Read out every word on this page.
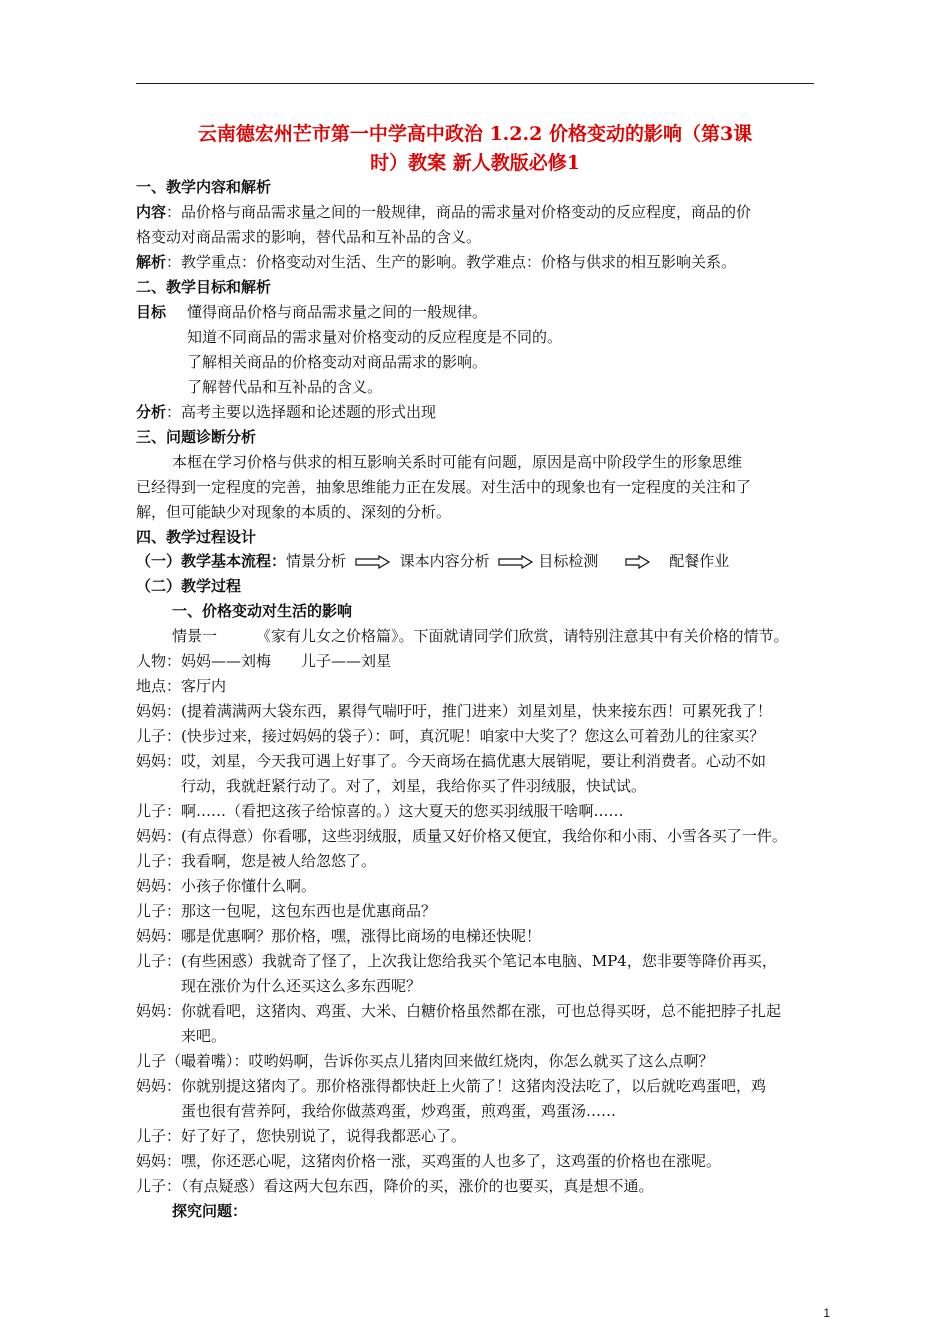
云南德宏州芒市第一中学高中政治 1.2.2 价格变动的影响（第3课
时）教案 新人教版必修1
一、教学内容和解析
内容：品价格与商品需求量之间的一般规律，商品的需求量对价格变动的反应程度，商品的价
格变动对商品需求的影响，替代品和互补品的含义。
解析：教学重点：价格变动对生活、生产的影响。教学难点：价格与供求的相互影响关系。
二、教学目标和解析
目标 懂得商品价格与商品需求量之间的一般规律。
知道不同商品的需求量对价格变动的反应程度是不同的。
了解相关商品的价格变动对商品需求的影响。
了解替代品和互补品的含义。
分析：高考主要以选择题和论述题的形式出现
三、问题诊断分析
本框在学习价格与供求的相互影响关系时可能有问题，原因是高中阶段学生的形象思维
已经得到一定程度的完善，抽象思维能力正在发展。对生活中的现象也有一定程度的关注和了
解，但可能缺少对现象的本质的、深刻的分析。
四、教学过程设计
（一）教学基本流程：情景分析	课本内容分析	目标检测	配餐作业
（二）教学过程
一、价格变动对生活的影响
情景一	《家有儿女之价格篇》。下面就请同学们欣赏，请特别注意其中有关价格的情节。
人物：妈妈——刘梅　　儿子——刘星
地点：客厅内
妈妈：(提着满满两大袋东西，累得气喘吁吁，推门进来）刘星刘星，快来接东西！可累死我了！
儿子：(快步过来，接过妈妈的袋子）：呵，真沉呢！咱家中大奖了？您这么可着劲儿的往家买？
妈妈：哎，刘星，今天我可遇上好事了。今天商场在搞优惠大展销呢，要让利消费者。心动不如
　　　行动，我就赶紧行动了。对了，刘星，我给你买了件羽绒服，快试试。
儿子：啊……（看把这孩子给惊喜的。）这大夏天的您买羽绒服干啥啊……
妈妈：(有点得意）你看哪，这些羽绒服，质量又好价格又便宜，我给你和小雨、小雪各买了一件。
儿子：我看啊，您是被人给忽悠了。
妈妈：小孩子你懂什么啊。
儿子：那这一包呢，这包东西也是优惠商品？
妈妈：哪是优惠啊？那价格，嘿，涨得比商场的电梯还快呢！
儿子：(有些困惑）我就奇了怪了，上次我让您给我买个笔记本电脑、MP4，您非要等降价再买，
　　　现在涨价为什么还买这么多东西呢？
妈妈：你就看吧，这猪肉、鸡蛋、大米、白糖价格虽然都在涨，可也总得买呀，总不能把脖子扎起
　　　来吧。
儿子（嘬着嘴）：哎哟妈啊，告诉你买点儿猪肉回来做红烧肉，你怎么就买了这么点啊？
妈妈：你就别提这猪肉了。那价格涨得都快赶上火箭了！这猪肉没法吃了，以后就吃鸡蛋吧，鸡
　　　蛋也很有营养阿，我给你做蒸鸡蛋，炒鸡蛋，煎鸡蛋，鸡蛋汤……
儿子：好了好了，您快别说了，说得我都恶心了。
妈妈：嘿，你还恶心呢，这猪肉价格一涨，买鸡蛋的人也多了，这鸡蛋的价格也在涨呢。
儿子：（有点疑惑）看这两大包东西，降价的买，涨价的也要买，真是想不通。
探究问题：
1
